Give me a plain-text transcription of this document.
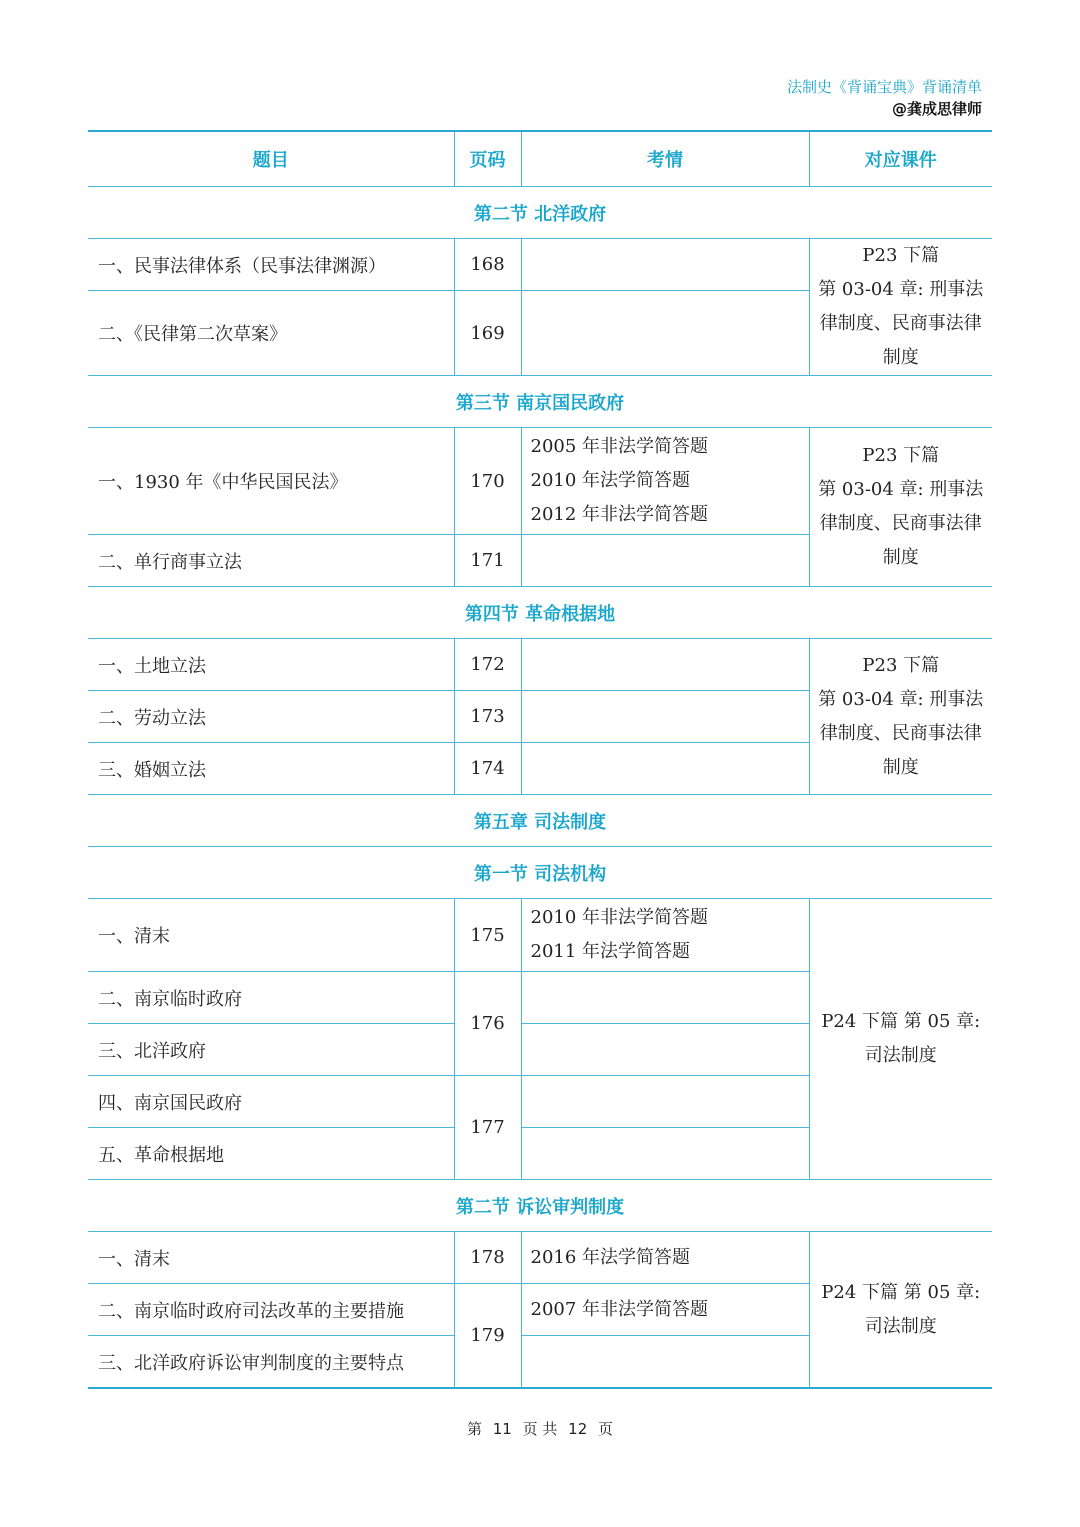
法制史《背诵宝典》背诵清单
@龚成思律师
题目	页码	考情	对应课件
第二节 北洋政府			
一、民事法律体系（民事法律渊源）	168		P23 下篇
第 03-04 章: 刑事法
律制度、民商事法律
制度

二、《民律第二次草案》	169		
第三节 南京国民政府			
一、1930 年《中华民国民法》	170	2005 年非法学简答题
2010 年法学简答题
2012 年非法学简答题	P23 下篇
第 03-04 章: 刑事法
律制度、民商事法律
制度

二、单行商事立法	171		
第四节 革命根据地			
一、土地立法	172		P23 下篇
第 03-04 章: 刑事法
律制度、民商事法律
制度

二、劳动立法	173		
三、婚姻立法	174		
第五章 司法制度			
第一节 司法机构			
一、清末	175	2010 年非法学简答题
2011 年法学简答题	P24 下篇 第 05 章:
司法制度

二、南京临时政府	176		
三、北洋政府			
四、南京国民政府	177		
五、革命根据地			
第二节 诉讼审判制度			
一、清末	178	2016 年法学简答题	P24 下篇 第 05 章:
司法制度

二、南京临时政府司法改革的主要措施	179	2007 年非法学简答题	
三、北洋政府诉讼审判制度的主要特点			
第 11 页 共 12 页
